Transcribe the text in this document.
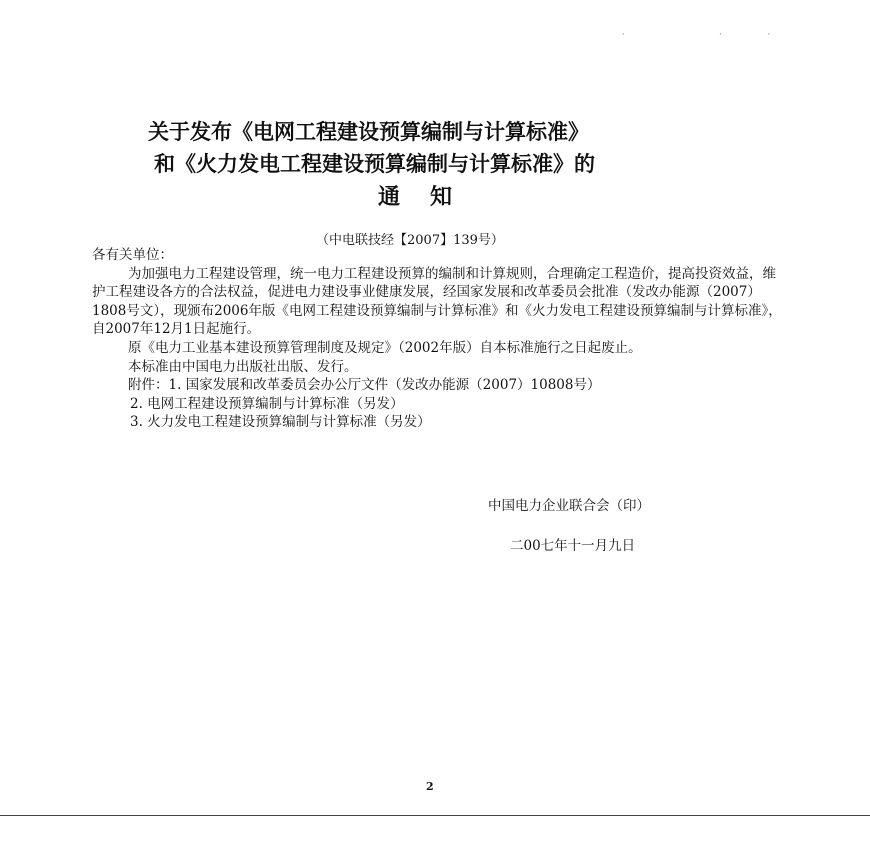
· ··
关于发布《电网工程建设预算编制与计算标准》
和《火力发电工程建设预算编制与计算标准》的
通知
（中电联技经【2007】139号）

各有关单位：

为加强电力工程建设管理，统一电力工程建设预算的编制和计算规则，合理确定工程造价，提高投资效益，维护工程建设各方的合法权益，促进电力建设事业健康发展，经国家发展和改革委员会批准（发改办能源（2007）1808号文），现颁布2006年版《电网工程建设预算编制与计算标准》和《火力发电工程建设预算编制与计算标准》，自2007年12月1日起施行。

原《电力工业基本建设预算管理制度及规定》（2002年版）自本标准施行之日起废止。

本标准由中国电力出版社出版、发行。

附件：1. 国家发展和改革委员会办公厅文件（发改办能源（2007）10808号）

2. 电网工程建设预算编制与计算标准（另发）

3. 火力发电工程建设预算编制与计算标准（另发）

中国电力企业联合会（印）
二00七年十一月九日
2
